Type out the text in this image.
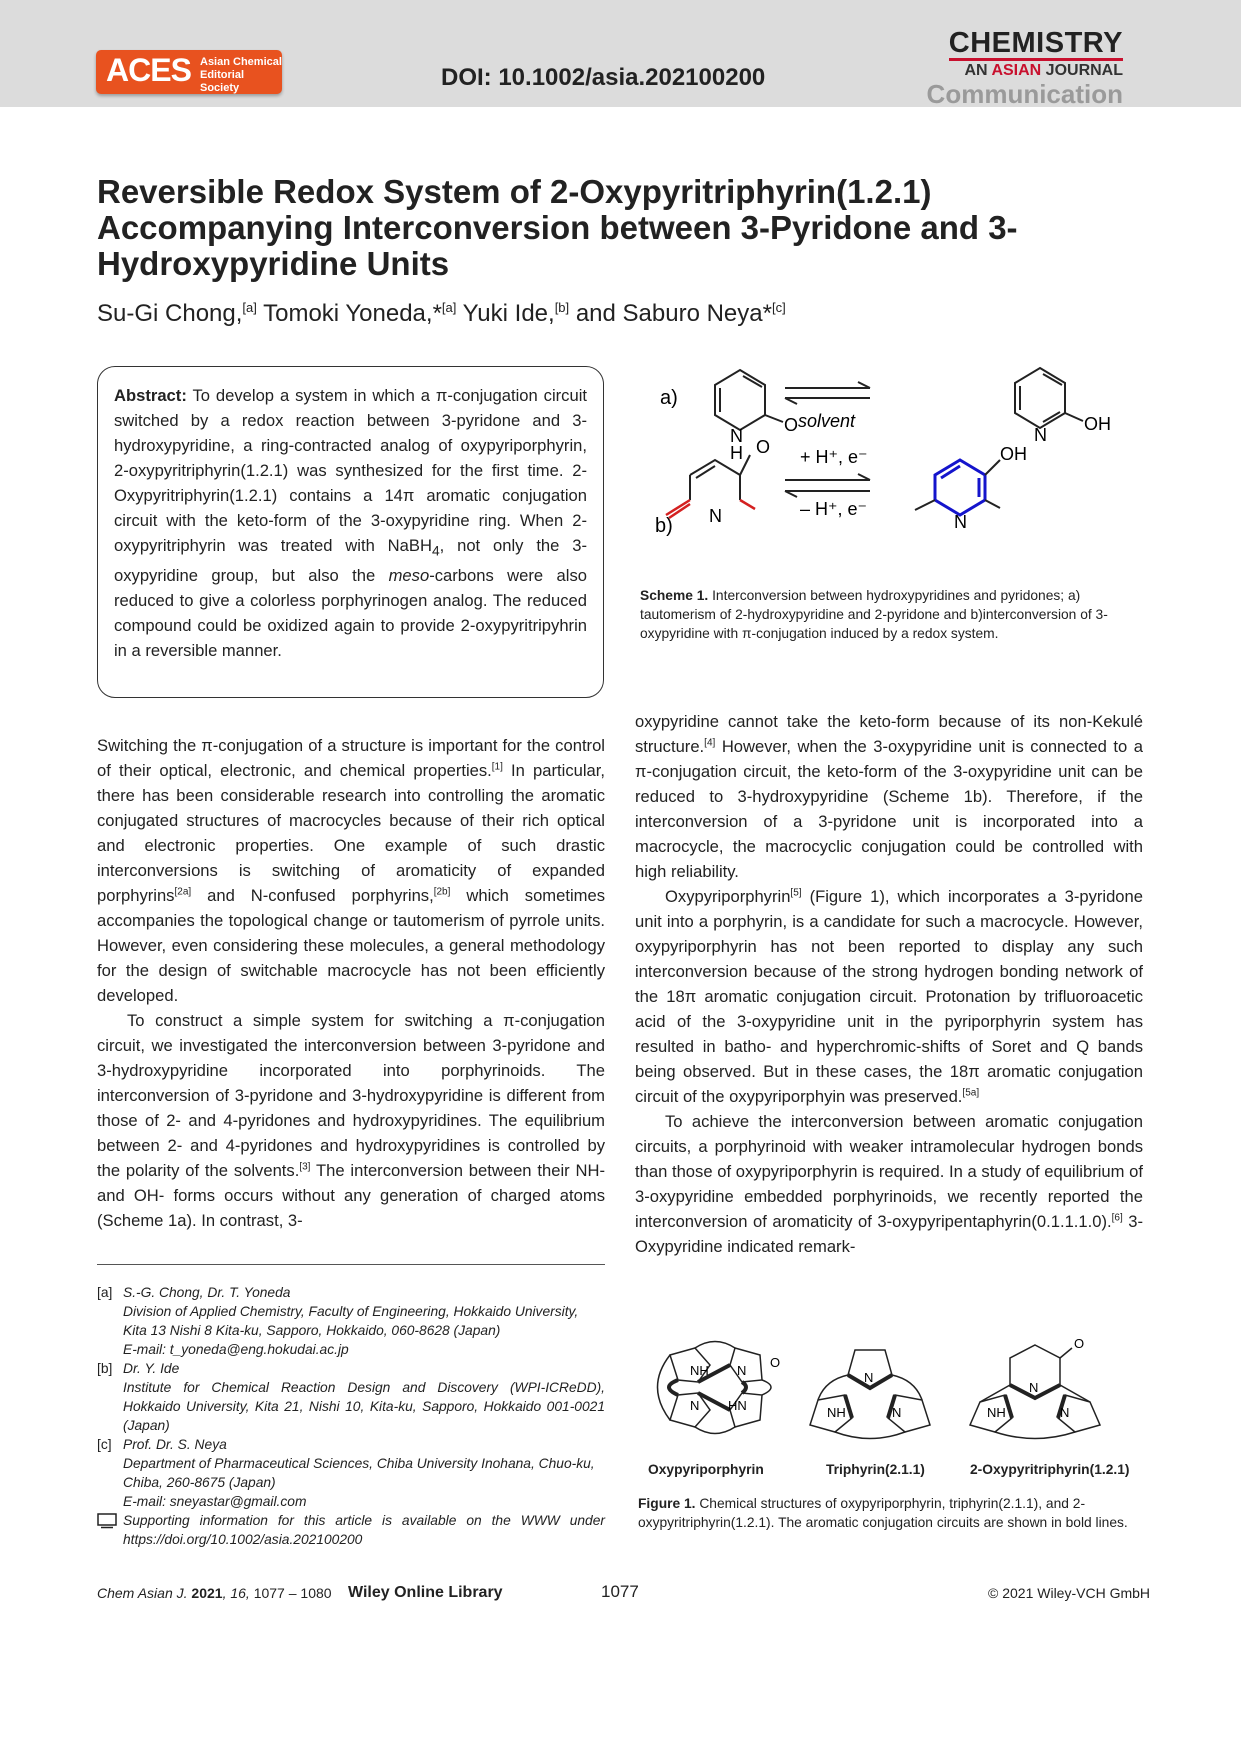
ACES Asian Chemical
Editorial Society	DOI: 10.1002/asia.202100200
CHEMISTRY
AN ASIAN JOURNAL
Communication
Reversible Redox System of 2-Oxypyritriphyrin(1.2.1) Accompanying Interconversion between 3-Pyridone and 3-Hydroxypyridine Units
Su-Gi Chong,[a] Tomoki Yoneda,*[a] Yuki Ide,[b] and Saburo Neya*[c]

Abstract: To develop a system in which a π-conjugation circuit switched by a redox reaction between 3-pyridone and 3-hydroxypyridine, a ring-contracted analog of oxypyriporphyrin, 2-oxypyritriphyrin(1.2.1) was synthesized for the first time. 2-Oxypyritriphyrin(1.2.1) contains a 14π aromatic conjugation circuit with the keto-form of the 3-oxypyridine ring. When 2-oxypyritriphyrin was treated with NaBH$_4$, not only the 3-oxypyridine group, but also the meso-carbons were also reduced to give a colorless porphyrinogen analog. The reduced compound could be oxidized again to provide 2-oxypyritripyhrin in a reversible manner.

a)
b)
N
H
O solvent
N
OH
O
N
+ H⁺, e⁻
– H⁺, e⁻
OH
N
Scheme 1. Interconversion between hydroxypyridines and pyridones; a) tautomerism of 2-hydroxypyridine and 2-pyridone and b)interconversion of 3-oxypyridine with π-conjugation induced by a redox system.

Switching the π-conjugation of a structure is important for the control of their optical, electronic, and chemical properties.[1] In particular, there has been considerable research into controlling the aromatic conjugated structures of macrocycles because of their rich optical and electronic properties. One example of such drastic interconversions is switching of aromaticity of expanded porphyrins[2a] and N-confused porphyrins,[2b] which sometimes accompanies the topological change or tautomerism of pyrrole units. However, even considering these molecules, a general methodology for the design of switchable macrocycle has not been efficiently developed.

To construct a simple system for switching a π-conjugation circuit, we investigated the interconversion between 3-pyridone and 3-hydroxypyridine incorporated into porphyrinoids. The interconversion of 3-pyridone and 3-hydroxypyridine is different from those of 2- and 4-pyridones and hydroxypyridines. The equilibrium between 2- and 4-pyridones and hydroxypyridines is controlled by the polarity of the solvents.[3] The interconversion between their NH- and OH- forms occurs without any generation of charged atoms (Scheme 1a). In contrast, 3-

oxypyridine cannot take the keto-form because of its non-Kekulé structure.[4] However, when the 3-oxypyridine unit is connected to a π-conjugation circuit, the keto-form of the 3-oxypyridine unit can be reduced to 3-hydroxypyridine (Scheme 1b). Therefore, if the interconversion of a 3-pyridone unit is incorporated into a macrocycle, the macrocyclic conjugation could be controlled with high reliability.

Oxypyriporphyrin[5] (Figure 1), which incorporates a 3-pyridone unit into a porphyrin, is a candidate for such a macrocycle. However, oxypyriporphyrin has not been reported to display any such interconversion because of the strong hydrogen bonding network of the 18π aromatic conjugation circuit. Protonation by trifluoroacetic acid of the 3-oxypyridine unit in the pyriporphyrin system has resulted in batho- and hyperchromic-shifts of Soret and Q bands being observed. But in these cases, the 18π aromatic conjugation circuit of the oxypyriporphyin was preserved.[5a]

To achieve the interconversion between aromatic conjugation circuits, a porphyrinoid with weaker intramolecular hydrogen bonds than those of oxypyriporphyrin is required. In a study of equilibrium of 3-oxypyridine embedded porphyrinoids, we recently reported the interconversion of aromaticity of 3-oxypyripentaphyrin(0.1.1.1.0).[6] 3-Oxypyridine indicated remark-

[a] S.-G. Chong, Dr. T. Yoneda
Division of Applied Chemistry, Faculty of Engineering, Hokkaido University, Kita 13 Nishi 8 Kita-ku, Sapporo, Hokkaido, 060-8628 (Japan)
E-mail: t_yoneda@eng.hokudai.ac.jp
[b] Dr. Y. Ide
Institute for Chemical Reaction Design and Discovery (WPI-ICReDD), Hokkaido University, Kita 21, Nishi 10, Kita-ku, Sapporo, Hokkaido 001-0021 (Japan)
[c] Prof. Dr. S. Neya
Department of Pharmaceutical Sciences, Chiba University Inohana, Chuo-ku, Chiba, 260-8675 (Japan)
E-mail: sneyastar@gmail.com
Supporting information for this article is available on the WWW under https://doi.org/10.1002/asia.202100200
NH N
N HN
O
N
NH	N
N
O
NH	N
Oxypyriporphyrin	Triphyrin(2.1.1)	2-Oxypyritriphyrin(1.2.1)
Figure 1. Chemical structures of oxypyriporphyrin, triphyrin(2.1.1), and 2-oxypyritriphyrin(1.2.1). The aromatic conjugation circuits are shown in bold lines.
Chem Asian J. 2021, 16, 1077 – 1080 Wiley Online Library	1077	© 2021 Wiley-VCH GmbH
